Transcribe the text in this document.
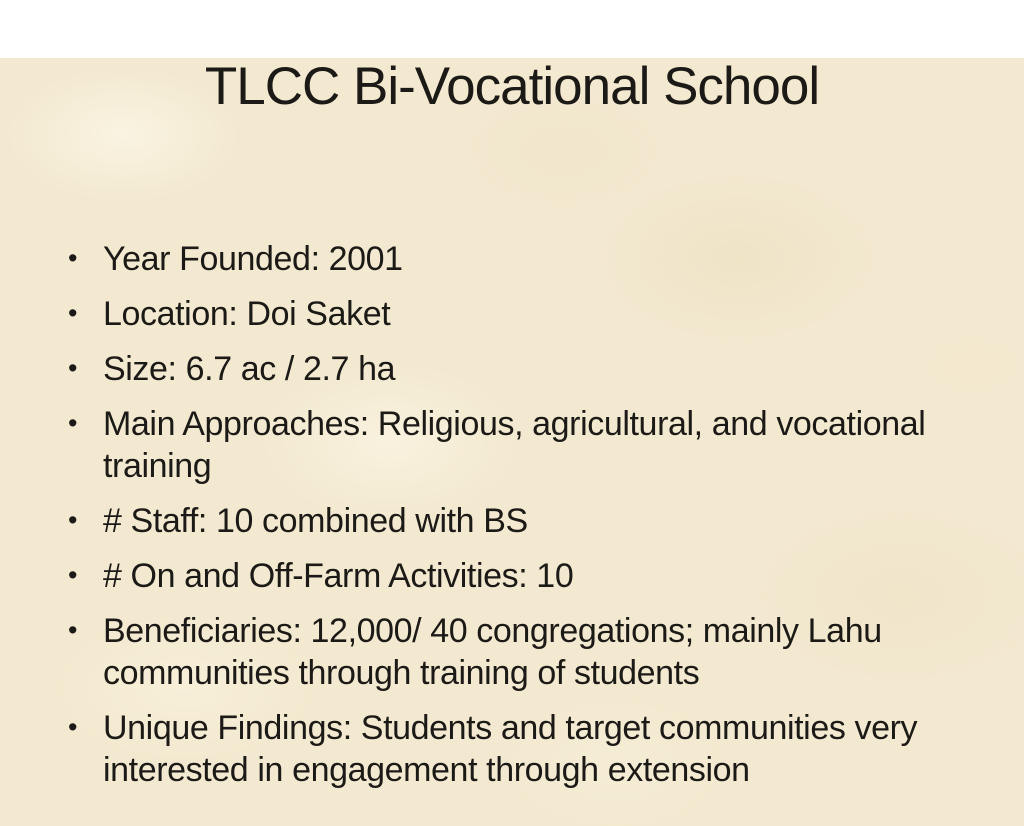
TLCC Bi-Vocational School
• Year Founded: 2001
• Location: Doi Saket
• Size: 6.7 ac / 2.7 ha
• Main Approaches: Religious, agricultural, and vocational training
• # Staff: 10 combined with BS
• # On and Off-Farm Activities: 10
• Beneficiaries: 12,000/ 40 congregations; mainly Lahu communities through training of students
• Unique Findings: Students and target communities very interested in engagement through extension
